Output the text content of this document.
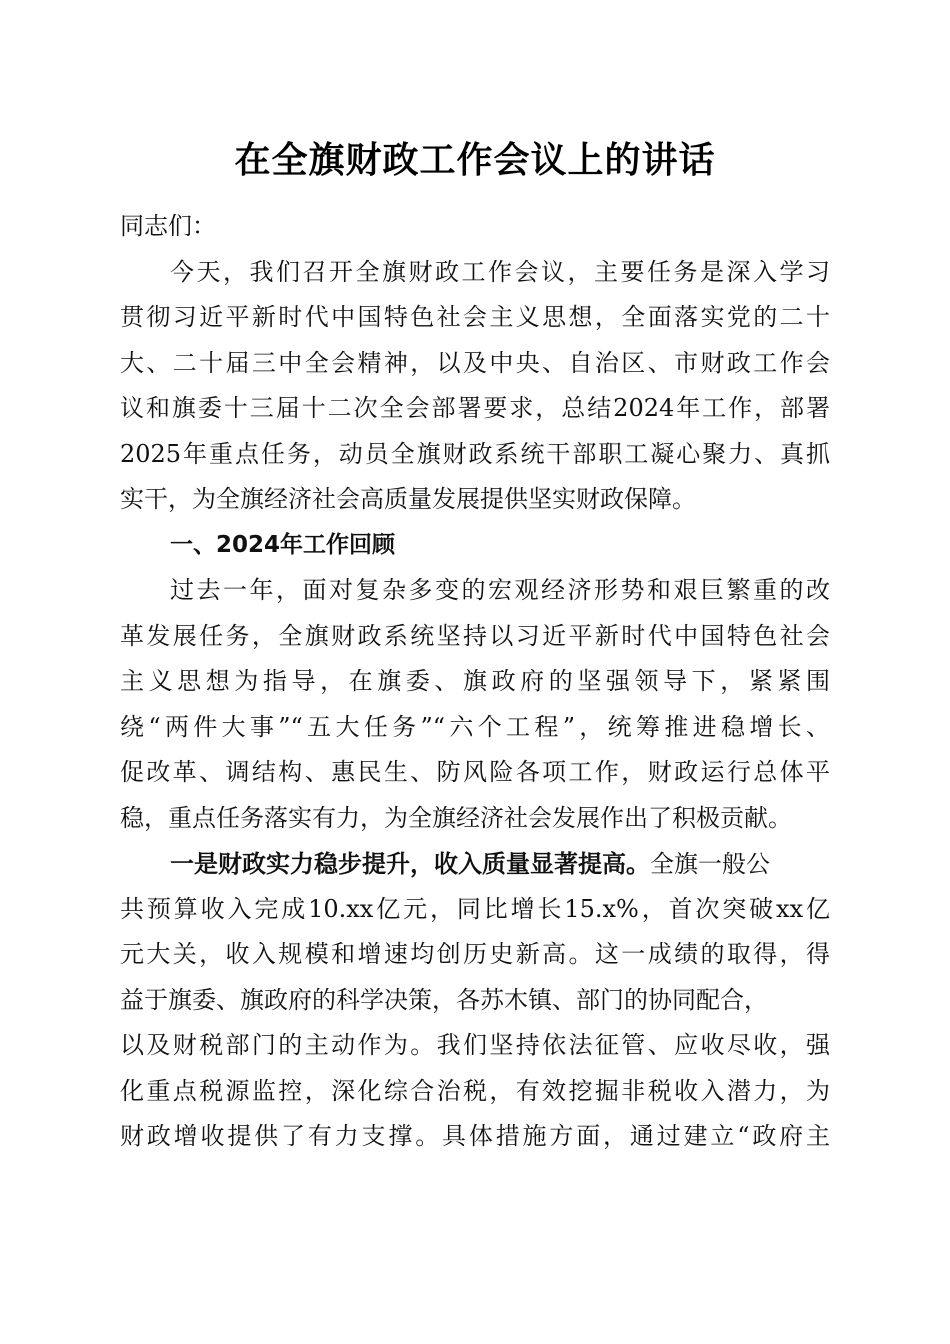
在全旗财政工作会议上的讲话
同志们：
今天，我们召开全旗财政工作会议，主要任务是深入学习
贯彻习近平新时代中国特色社会主义思想，全面落实党的二十
大、二十届三中全会精神，以及中央、自治区、市财政工作会
议和旗委十三届十二次全会部署要求，总结2024年工作，部署
2025年重点任务，动员全旗财政系统干部职工凝心聚力、真抓
实干，为全旗经济社会高质量发展提供坚实财政保障。
一、2024年工作回顾
过去一年，面对复杂多变的宏观经济形势和艰巨繁重的改
革发展任务，全旗财政系统坚持以习近平新时代中国特色社会
主义思想为指导，在旗委、旗政府的坚强领导下，紧紧围
绕“两件大事”“五大任务”“六个工程”，统筹推进稳增长、
促改革、调结构、惠民生、防风险各项工作，财政运行总体平
稳，重点任务落实有力，为全旗经济社会发展作出了积极贡献。
一是财政实力稳步提升，收入质量显著提高。全旗一般公
共预算收入完成10.xx亿元，同比增长15.x%，首次突破xx亿
元大关，收入规模和增速均创历史新高。这一成绩的取得，得
益于旗委、旗政府的科学决策，各苏木镇、部门的协同配合，
以及财税部门的主动作为。我们坚持依法征管、应收尽收，强
化重点税源监控，深化综合治税，有效挖掘非税收入潜力，为
财政增收提供了有力支撑。具体措施方面，通过建立“政府主
